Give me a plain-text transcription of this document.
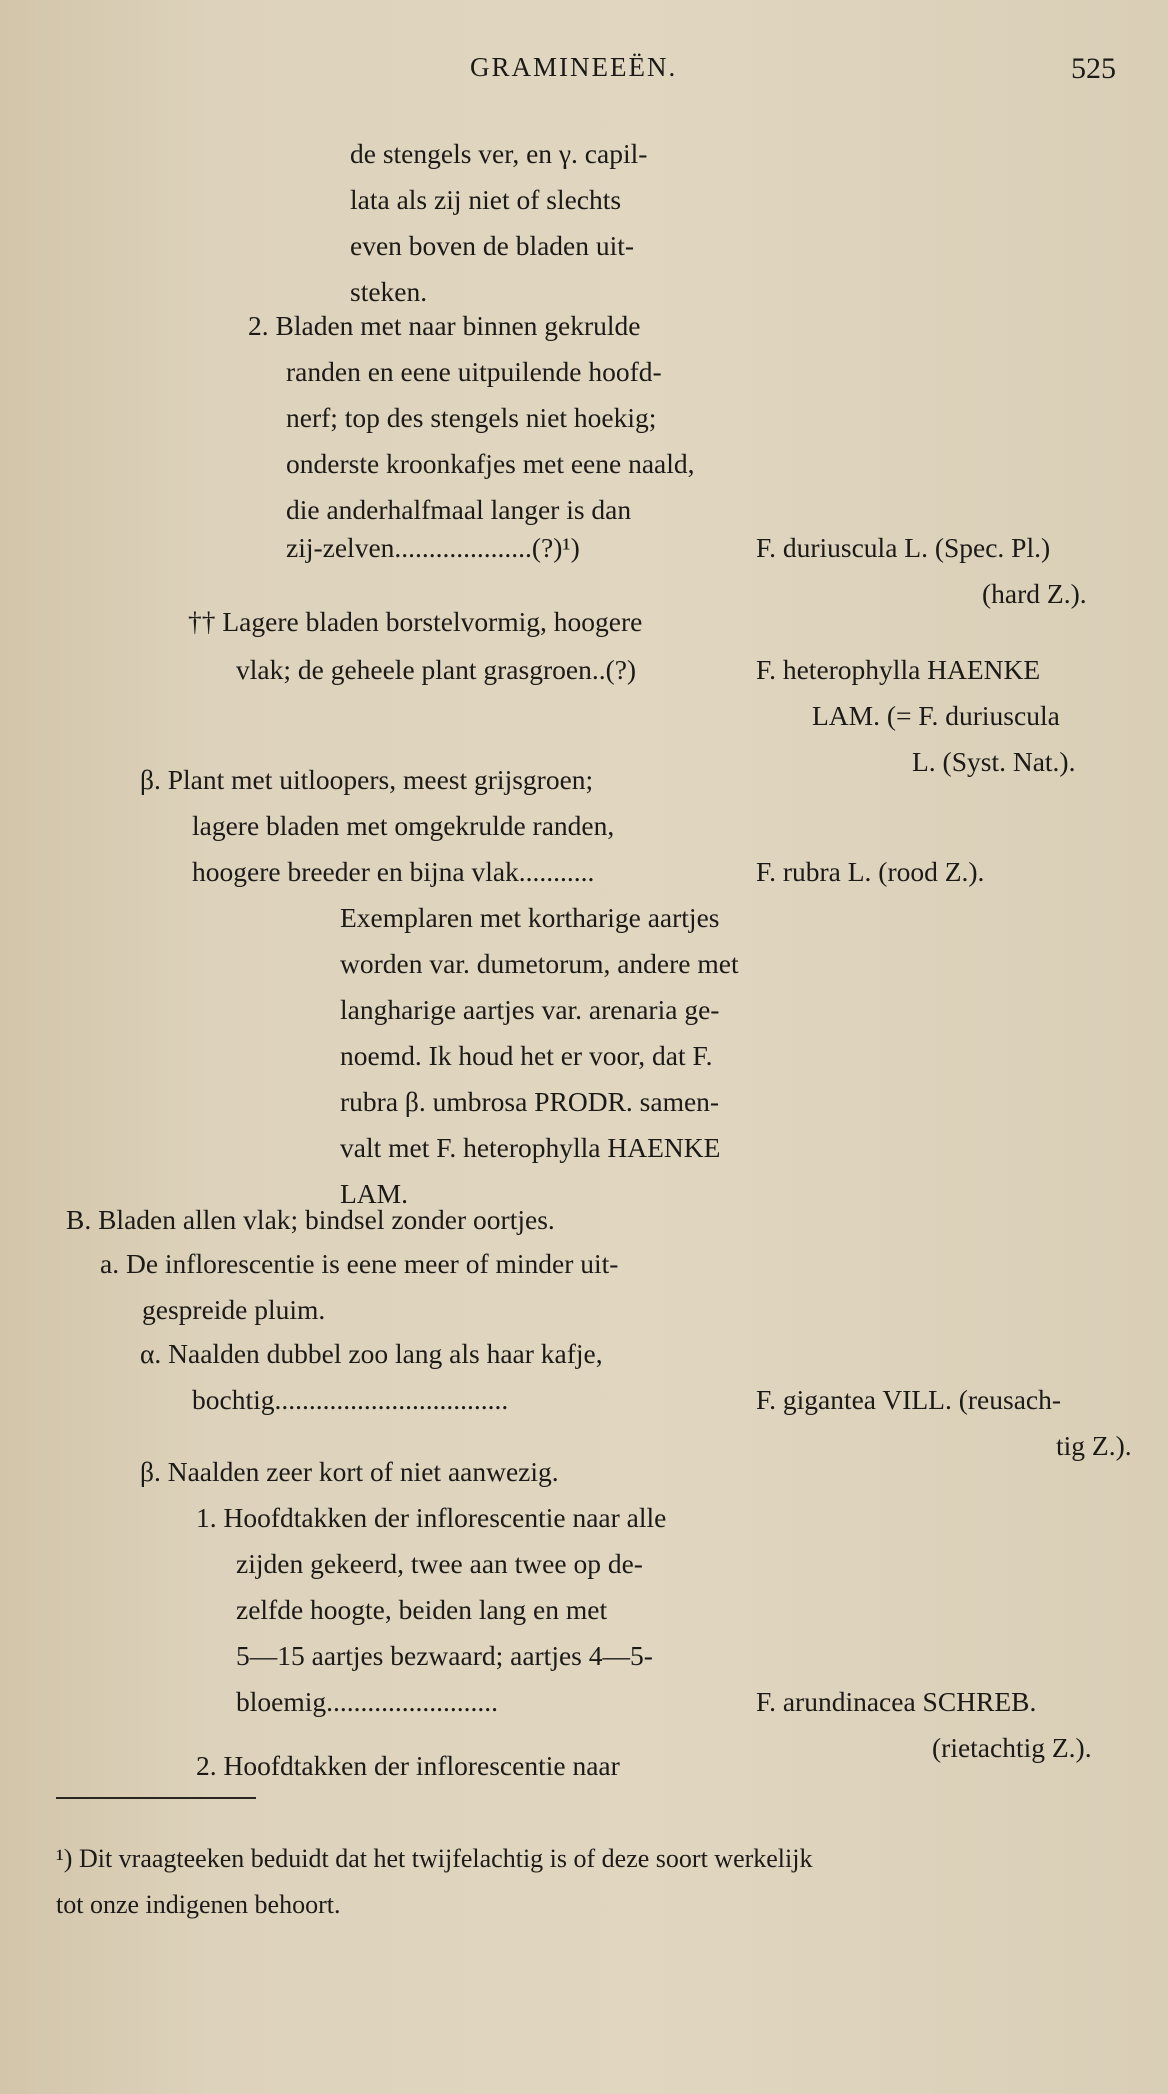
GRAMINEEËN.	525
de stengels ver, en γ. capil-
lata als zij niet of slechts
even boven de bladen uit-
steken.
2. Bladen met naar binnen gekrulde
randen en eene uitpuilende hoofd-
nerf; top des stengels niet hoekig;
onderste kroonkafjes met eene naald,
die anderhalfmaal langer is dan
zij-zelven....................(?)¹)
†† Lagere bladen borstelvormig, hoogere
vlak; de geheele plant grasgroen..(?)
β. Plant met uitloopers, meest grijsgroen;
lagere bladen met omgekrulde randen,
hoogere breeder en bijna vlak...........
Exemplaren met kortharige aartjes
worden var. dumetorum, andere met
langharige aartjes var. arenaria ge-
noemd. Ik houd het er voor, dat F.
rubra β. umbrosa PRODR. samen-
valt met F. heterophylla HAENKE
LAM.
B. Bladen allen vlak; bindsel zonder oortjes.
a. De inflorescentie is eene meer of minder uit-
gespreide pluim.
α. Naalden dubbel zoo lang als haar kafje,
bochtig..................................
β. Naalden zeer kort of niet aanwezig.
1. Hoofdtakken der inflorescentie naar alle
zijden gekeerd, twee aan twee op de-
zelfde hoogte, beiden lang en met
5—15 aartjes bezwaard; aartjes 4—5-
bloemig.........................
2. Hoofdtakken der inflorescentie naar
F. duriuscula L. (Spec. Pl.)
(hard Z.).
F. heterophylla HAENKE
LAM. (= F. duriuscula
L. (Syst. Nat.).
F. rubra L. (rood Z.).
F. gigantea VILL. (reusach-
tig Z.).
F. arundinacea SCHREB.
(rietachtig Z.).
¹) Dit vraagteeken beduidt dat het twijfelachtig is of deze soort werkelijk
tot onze indigenen behoort.
